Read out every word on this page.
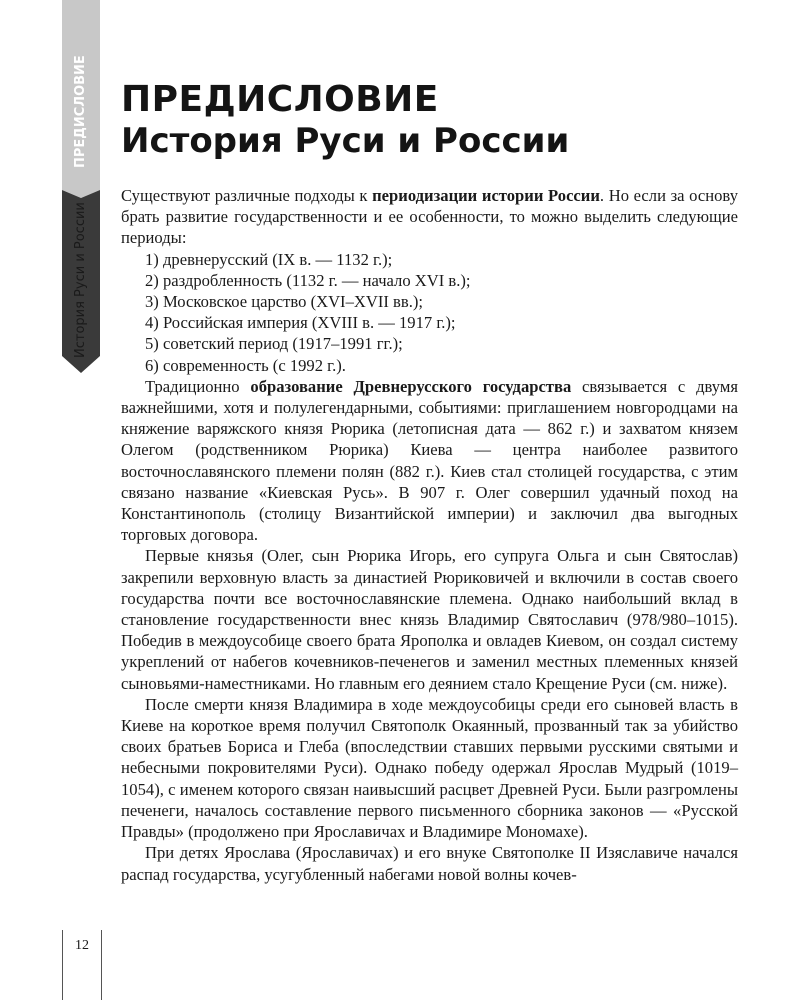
ПРЕДИСЛОВИЕ
История Руси и России
ПРЕДИСЛОВИЕ
История Руси и России

Существуют различные подходы к периодизации истории России. Но если за основу брать развитие государственности и ее особенности, то можно выделить следующие периоды:

1) древнерусский (IX в. — 1132 г.);
2) раздробленность (1132 г. — начало XVI в.);
3) Московское царство (XVI–XVII вв.);
4) Российская империя (XVIII в. — 1917 г.);
5) советский период (1917–1991 гг.);
6) современность (с 1992 г.).

Традиционно образование Древнерусского государства связывается с двумя важнейшими, хотя и полулегендарными, событиями: приглашением новгородцами на княжение варяжского князя Рюрика (летописная дата — 862 г.) и захватом князем Олегом (родственником Рюрика) Киева — центра наиболее развитого восточнославянского племени полян (882 г.). Киев стал столицей государства, с этим связано название «Киевская Русь». В 907 г. Олег совершил удачный поход на Константинополь (столицу Византийской империи) и заключил два выгодных торговых договора.

Первые князья (Олег, сын Рюрика Игорь, его супруга Ольга и сын Святослав) закрепили верховную власть за династией Рюриковичей и включили в состав своего государства почти все восточнославянские племена. Однако наибольший вклад в становление государственности внес князь Владимир Святославич (978/980–1015). Победив в междоусобице своего брата Ярополка и овладев Киевом, он создал систему укреплений от набегов кочевников-печенегов и заменил местных племенных князей сыновьями-наместниками. Но главным его деянием стало Крещение Руси (см. ниже).

После смерти князя Владимира в ходе междоусобицы среди его сыновей власть в Киеве на короткое время получил Святополк Окаянный, прозванный так за убийство своих братьев Бориса и Глеба (впоследствии ставших первыми русскими святыми и небесными покровителями Руси). Однако победу одержал Ярослав Мудрый (1019–1054), с именем которого связан наивысший расцвет Древней Руси. Были разгромлены печенеги, началось составление первого письменного сборника законов — «Русской Правды» (продолжено при Ярославичах и Владимире Мономахе).

При детях Ярослава (Ярославичах) и его внуке Святополке II Изяславиче начался распад государства, усугубленный набегами новой волны кочев-

12
